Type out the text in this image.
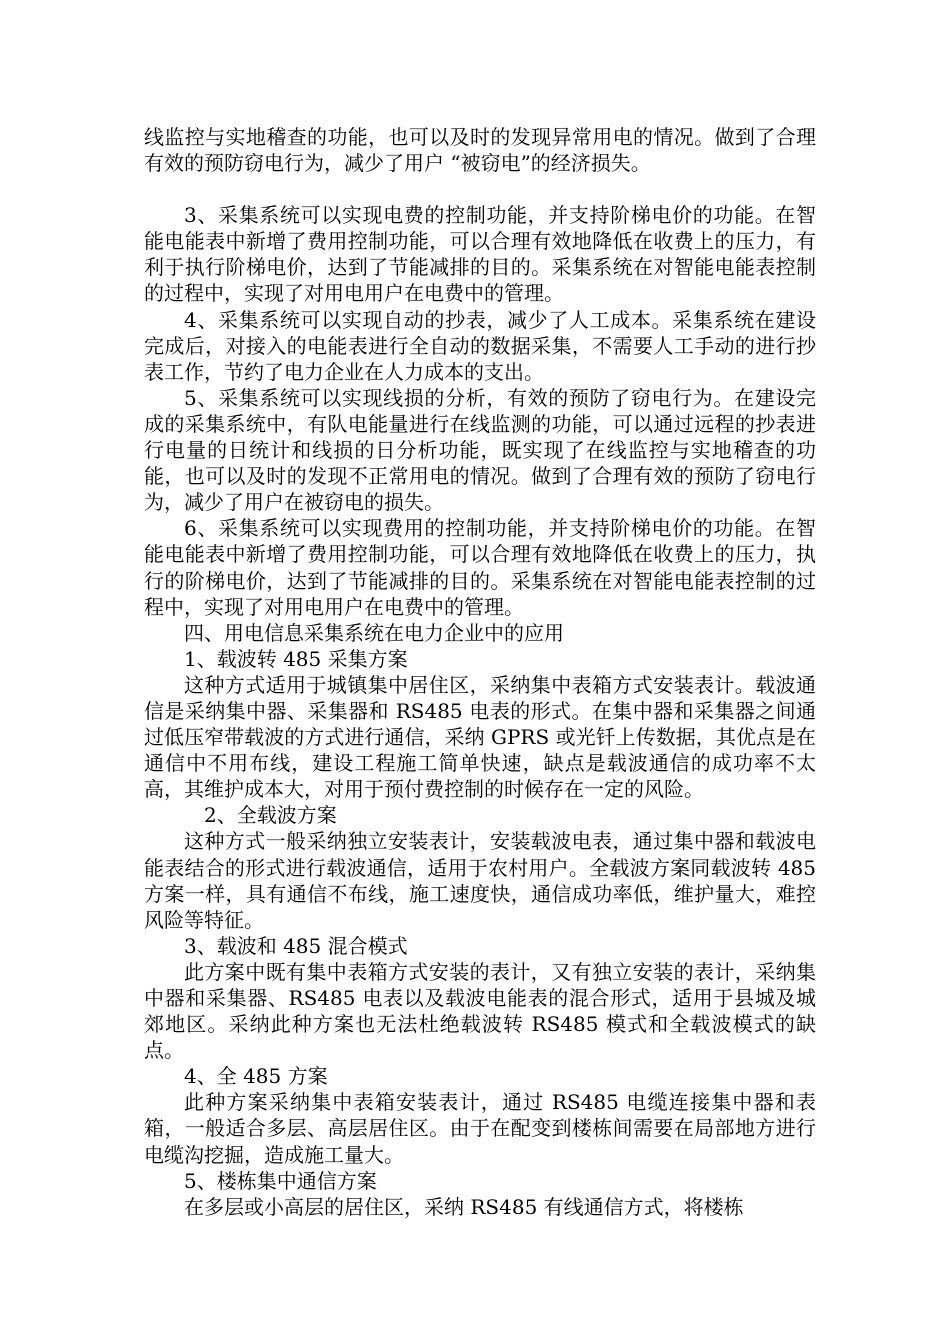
线监控与实地稽查的功能，也可以及时的发现异常用电的情况。做到了合理有效的预防窃电行为，减少了用户 “被窃电”的经济损失。

3、采集系统可以实现电费的控制功能，并支持阶梯电价的功能。在智能电能表中新增了费用控制功能，可以合理有效地降低在收费上的压力，有利于执行阶梯电价，达到了节能减排的目的。采集系统在对智能电能表控制的过程中，实现了对用电用户在电费中的管理。

4、采集系统可以实现自动的抄表，减少了人工成本。采集系统在建设完成后，对接入的电能表进行全自动的数据采集，不需要人工手动的进行抄表工作，节约了电力企业在人力成本的支出。

5、采集系统可以实现线损的分析，有效的预防了窃电行为。在建设完成的采集系统中，有队电能量进行在线监测的功能，可以通过远程的抄表进行电量的日统计和线损的日分析功能，既实现了在线监控与实地稽查的功能，也可以及时的发现不正常用电的情况。做到了合理有效的预防了窃电行为，减少了用户在被窃电的损失。

6、采集系统可以实现费用的控制功能，并支持阶梯电价的功能。在智能电能表中新增了费用控制功能，可以合理有效地降低在收费上的压力，执行的阶梯电价，达到了节能减排的目的。采集系统在对智能电能表控制的过程中，实现了对用电用户在电费中的管理。

四、用电信息采集系统在电力企业中的应用

1、载波转 485 采集方案

这种方式适用于城镇集中居住区，采纳集中表箱方式安装表计。载波通信是采纳集中器、采集器和 RS485 电表的形式。在集中器和采集器之间通过低压窄带载波的方式进行通信，采纳 GPRS 或光钎上传数据，其优点是在通信中不用布线，建设工程施工简单快速，缺点是载波通信的成功率不太高，其维护成本大，对用于预付费控制的时候存在一定的风险。

2、全载波方案

这种方式一般采纳独立安装表计，安装载波电表，通过集中器和载波电能表结合的形式进行载波通信，适用于农村用户。全载波方案同载波转 485 方案一样，具有通信不布线，施工速度快，通信成功率低，维护量大，难控风险等特征。

3、载波和 485 混合模式

此方案中既有集中表箱方式安装的表计，又有独立安装的表计，采纳集中器和采集器、RS485 电表以及载波电能表的混合形式，适用于县城及城郊地区。采纳此种方案也无法杜绝载波转 RS485 模式和全载波模式的缺点。

4、全 485 方案

此种方案采纳集中表箱安装表计，通过 RS485 电缆连接集中器和表箱，一般适合多层、高层居住区。由于在配变到楼栋间需要在局部地方进行电缆沟挖掘，造成施工量大。

5、楼栋集中通信方案

在多层或小高层的居住区，采纳 RS485 有线通信方式，将楼栋
